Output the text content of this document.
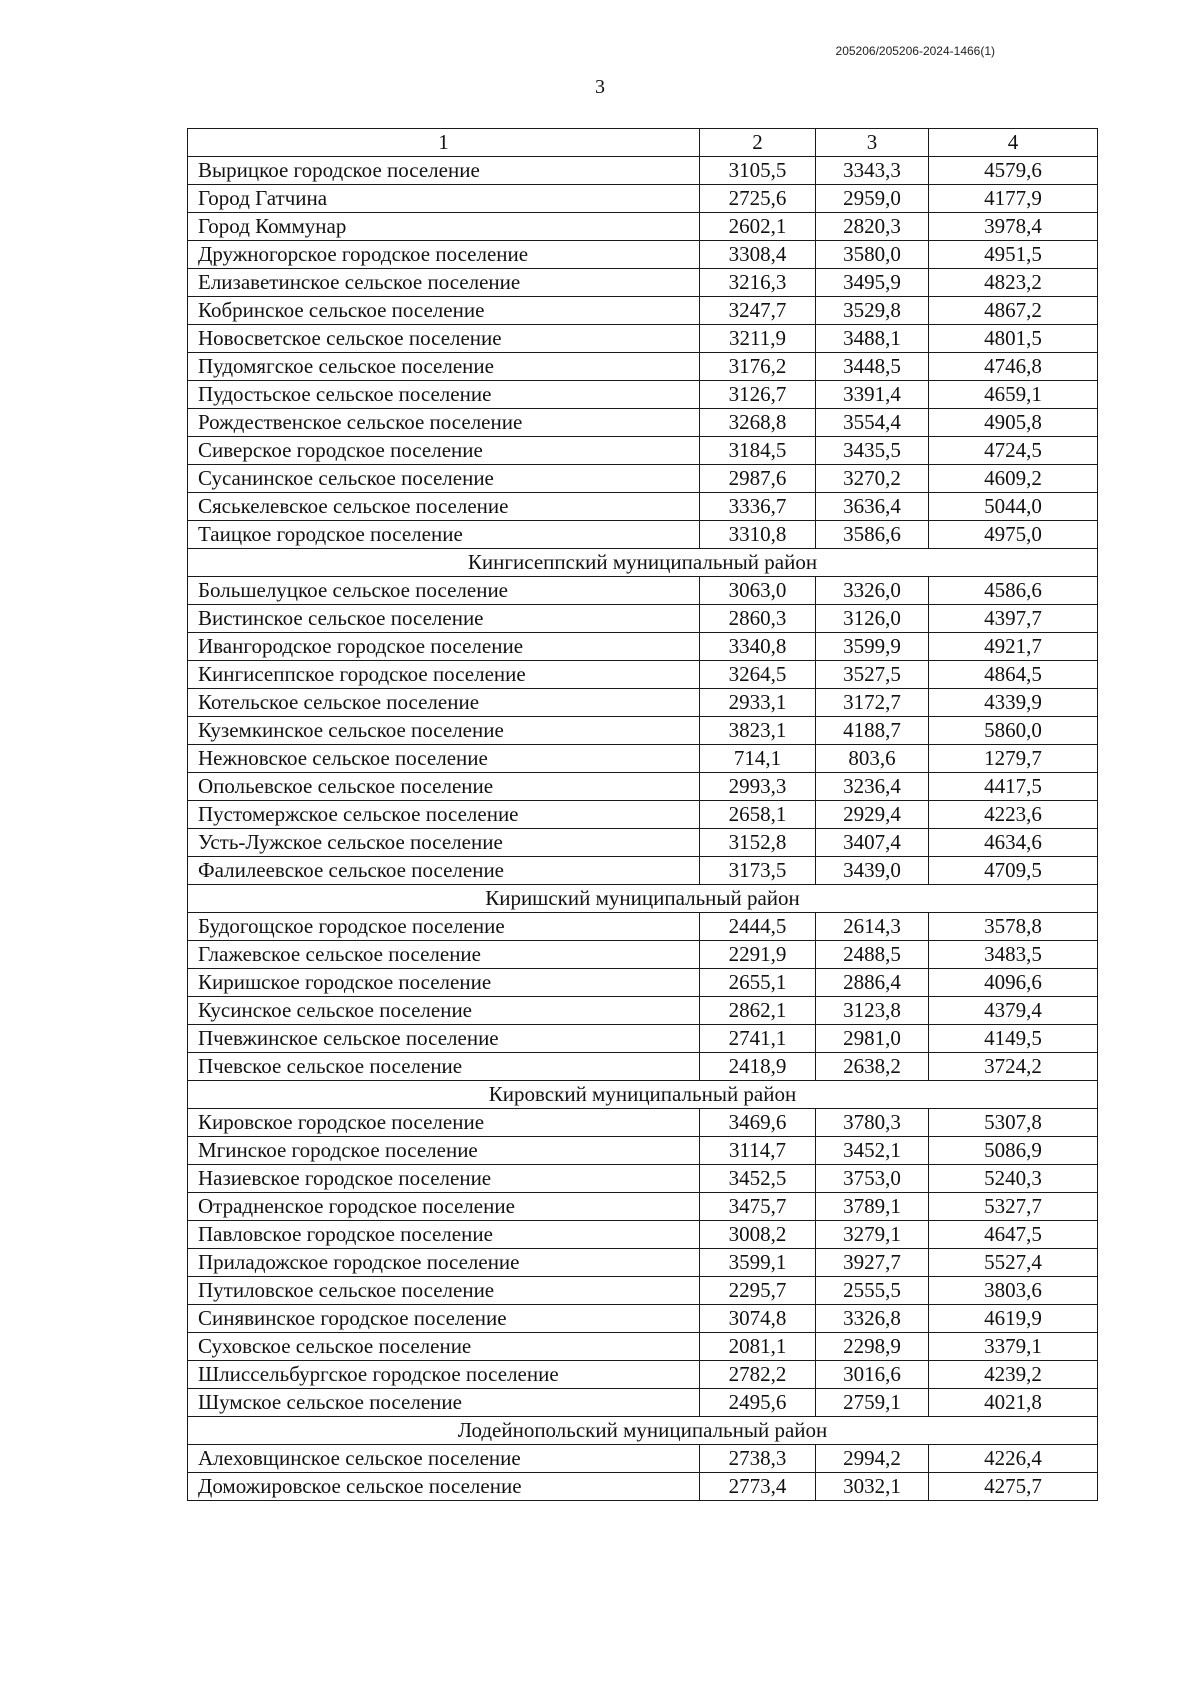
205206/205206-2024-1466(1)
3
1	2	3	4
Вырицкое городское поселение	3105,5	3343,3	4579,6
Город Гатчина	2725,6	2959,0	4177,9
Город Коммунар	2602,1	2820,3	3978,4
Дружногорское городское поселение	3308,4	3580,0	4951,5
Елизаветинское сельское поселение	3216,3	3495,9	4823,2
Кобринское сельское поселение	3247,7	3529,8	4867,2
Новосветское сельское поселение	3211,9	3488,1	4801,5
Пудомягское сельское поселение	3176,2	3448,5	4746,8
Пудостьское сельское поселение	3126,7	3391,4	4659,1
Рождественское сельское поселение	3268,8	3554,4	4905,8
Сиверское городское поселение	3184,5	3435,5	4724,5
Сусанинское сельское поселение	2987,6	3270,2	4609,2
Сяськелевское сельское поселение	3336,7	3636,4	5044,0
Таицкое городское поселение	3310,8	3586,6	4975,0
Кингисеппский муниципальный район			
Большелуцкое сельское поселение	3063,0	3326,0	4586,6
Вистинское сельское поселение	2860,3	3126,0	4397,7
Ивангородское городское поселение	3340,8	3599,9	4921,7
Кингисеппское городское поселение	3264,5	3527,5	4864,5
Котельское сельское поселение	2933,1	3172,7	4339,9
Куземкинское сельское поселение	3823,1	4188,7	5860,0
Нежновское сельское поселение	714,1	803,6	1279,7
Опольевское сельское поселение	2993,3	3236,4	4417,5
Пустомержское сельское поселение	2658,1	2929,4	4223,6
Усть-Лужское сельское поселение	3152,8	3407,4	4634,6
Фалилеевское сельское поселение	3173,5	3439,0	4709,5
Киришский муниципальный район			
Будогощское городское поселение	2444,5	2614,3	3578,8
Глажевское сельское поселение	2291,9	2488,5	3483,5
Киришское городское поселение	2655,1	2886,4	4096,6
Кусинское сельское поселение	2862,1	3123,8	4379,4
Пчевжинское сельское поселение	2741,1	2981,0	4149,5
Пчевское сельское поселение	2418,9	2638,2	3724,2
Кировский муниципальный район			
Кировское городское поселение	3469,6	3780,3	5307,8
Мгинское городское поселение	3114,7	3452,1	5086,9
Назиевское городское поселение	3452,5	3753,0	5240,3
Отрадненское городское поселение	3475,7	3789,1	5327,7
Павловское городское поселение	3008,2	3279,1	4647,5
Приладожское городское поселение	3599,1	3927,7	5527,4
Путиловское сельское поселение	2295,7	2555,5	3803,6
Синявинское городское поселение	3074,8	3326,8	4619,9
Суховское сельское поселение	2081,1	2298,9	3379,1
Шлиссельбургское городское поселение	2782,2	3016,6	4239,2
Шумское сельское поселение	2495,6	2759,1	4021,8
Лодейнопольский муниципальный район			
Алеховщинское сельское поселение	2738,3	2994,2	4226,4
Доможировское сельское поселение	2773,4	3032,1	4275,7
